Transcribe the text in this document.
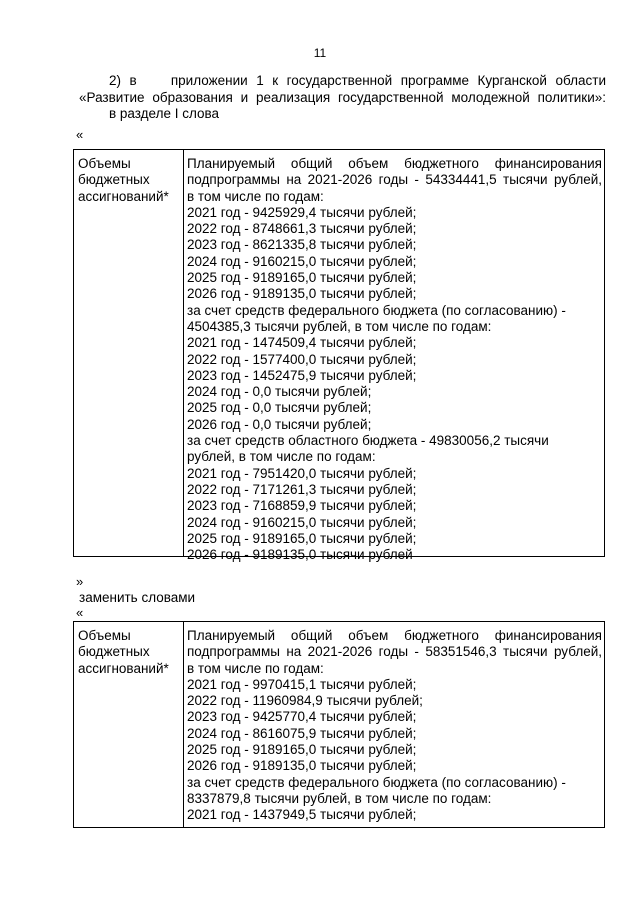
11
2) в	приложении 1 к государственной программе Курганской области
«Развитие образования и реализация государственной молодежной политики»:
в разделе I слова
«
Объемы
бюджетных
ассигнований*
Планируемый общий объем бюджетного финансирования
подпрограммы на 2021-2026 годы - 54334441,5 тысячи рублей,
в том числе по годам:
2021 год - 9425929,4 тысячи рублей;
2022 год - 8748661,3 тысячи рублей;
2023 год - 8621335,8 тысячи рублей;
2024 год - 9160215,0 тысячи рублей;
2025 год - 9189165,0 тысячи рублей;
2026 год - 9189135,0 тысячи рублей;
за счет средств федерального бюджета (по согласованию) -
4504385,3 тысячи рублей, в том числе по годам:
2021 год - 1474509,4 тысячи рублей;
2022 год - 1577400,0 тысячи рублей;
2023 год - 1452475,9 тысячи рублей;
2024 год - 0,0 тысячи рублей;
2025 год - 0,0 тысячи рублей;
2026 год - 0,0 тысячи рублей;
за счет средств областного бюджета - 49830056,2 тысячи
рублей, в том числе по годам:
2021 год - 7951420,0 тысячи рублей;
2022 год - 7171261,3 тысячи рублей;
2023 год - 7168859,9 тысячи рублей;
2024 год - 9160215,0 тысячи рублей;
2025 год - 9189165,0 тысячи рублей;
2026 год - 9189135,0 тысячи рублей
»
заменить словами
«
Объемы
бюджетных
ассигнований*
Планируемый общий объем бюджетного финансирования
подпрограммы на 2021-2026 годы - 58351546,3 тысячи рублей,
в том числе по годам:
2021 год - 9970415,1 тысячи рублей;
2022 год - 11960984,9 тысячи рублей;
2023 год - 9425770,4 тысячи рублей;
2024 год - 8616075,9 тысячи рублей;
2025 год - 9189165,0 тысячи рублей;
2026 год - 9189135,0 тысячи рублей;
за счет средств федерального бюджета (по согласованию) -
8337879,8 тысячи рублей, в том числе по годам:
2021 год - 1437949,5 тысячи рублей;
